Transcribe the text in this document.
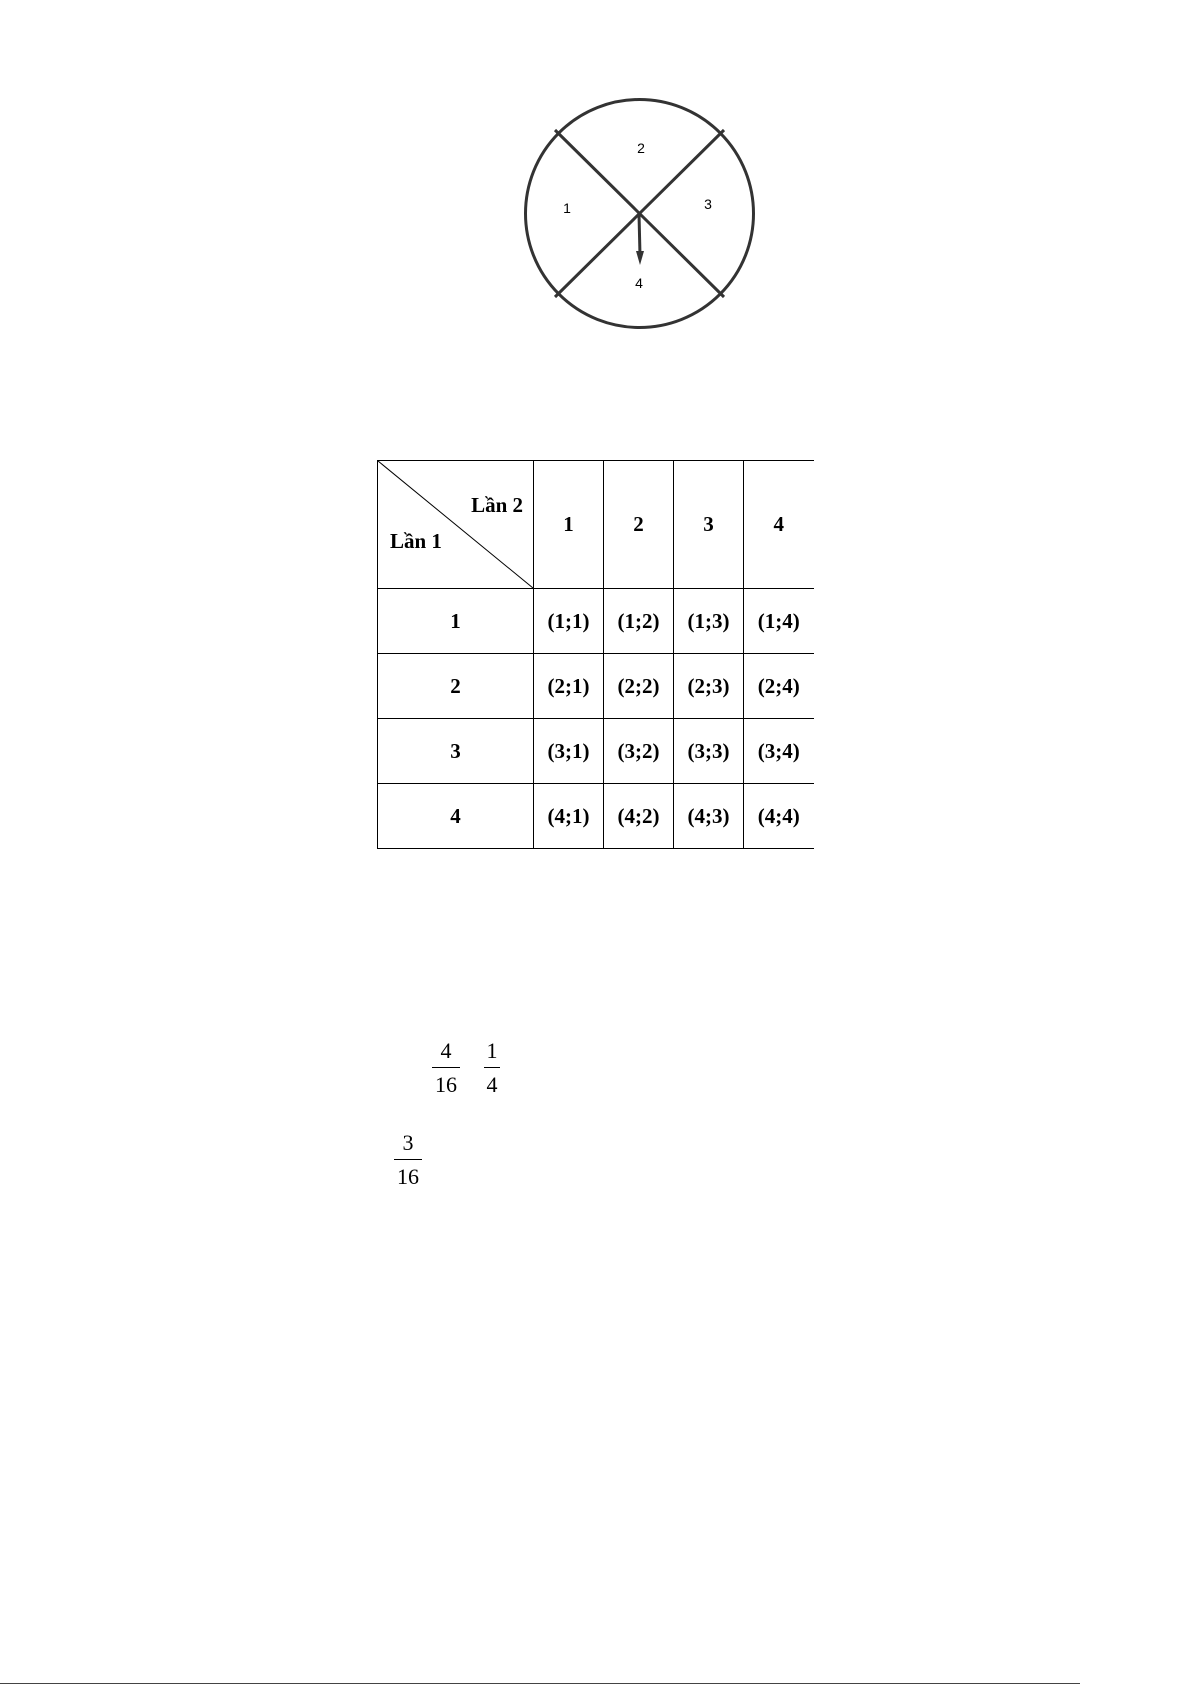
1
2
3
4
Lần 2
Lần 1	1	2	3	4
1	(1;1)	(1;2)	(1;3)	(1;4)
2	(2;1)	(2;2)	(2;3)	(2;4)
3	(3;1)	(3;2)	(3;3)	(3;4)
4	(4;1)	(4;2)	(4;3)	(4;4)
4
16
1
4
3
16
